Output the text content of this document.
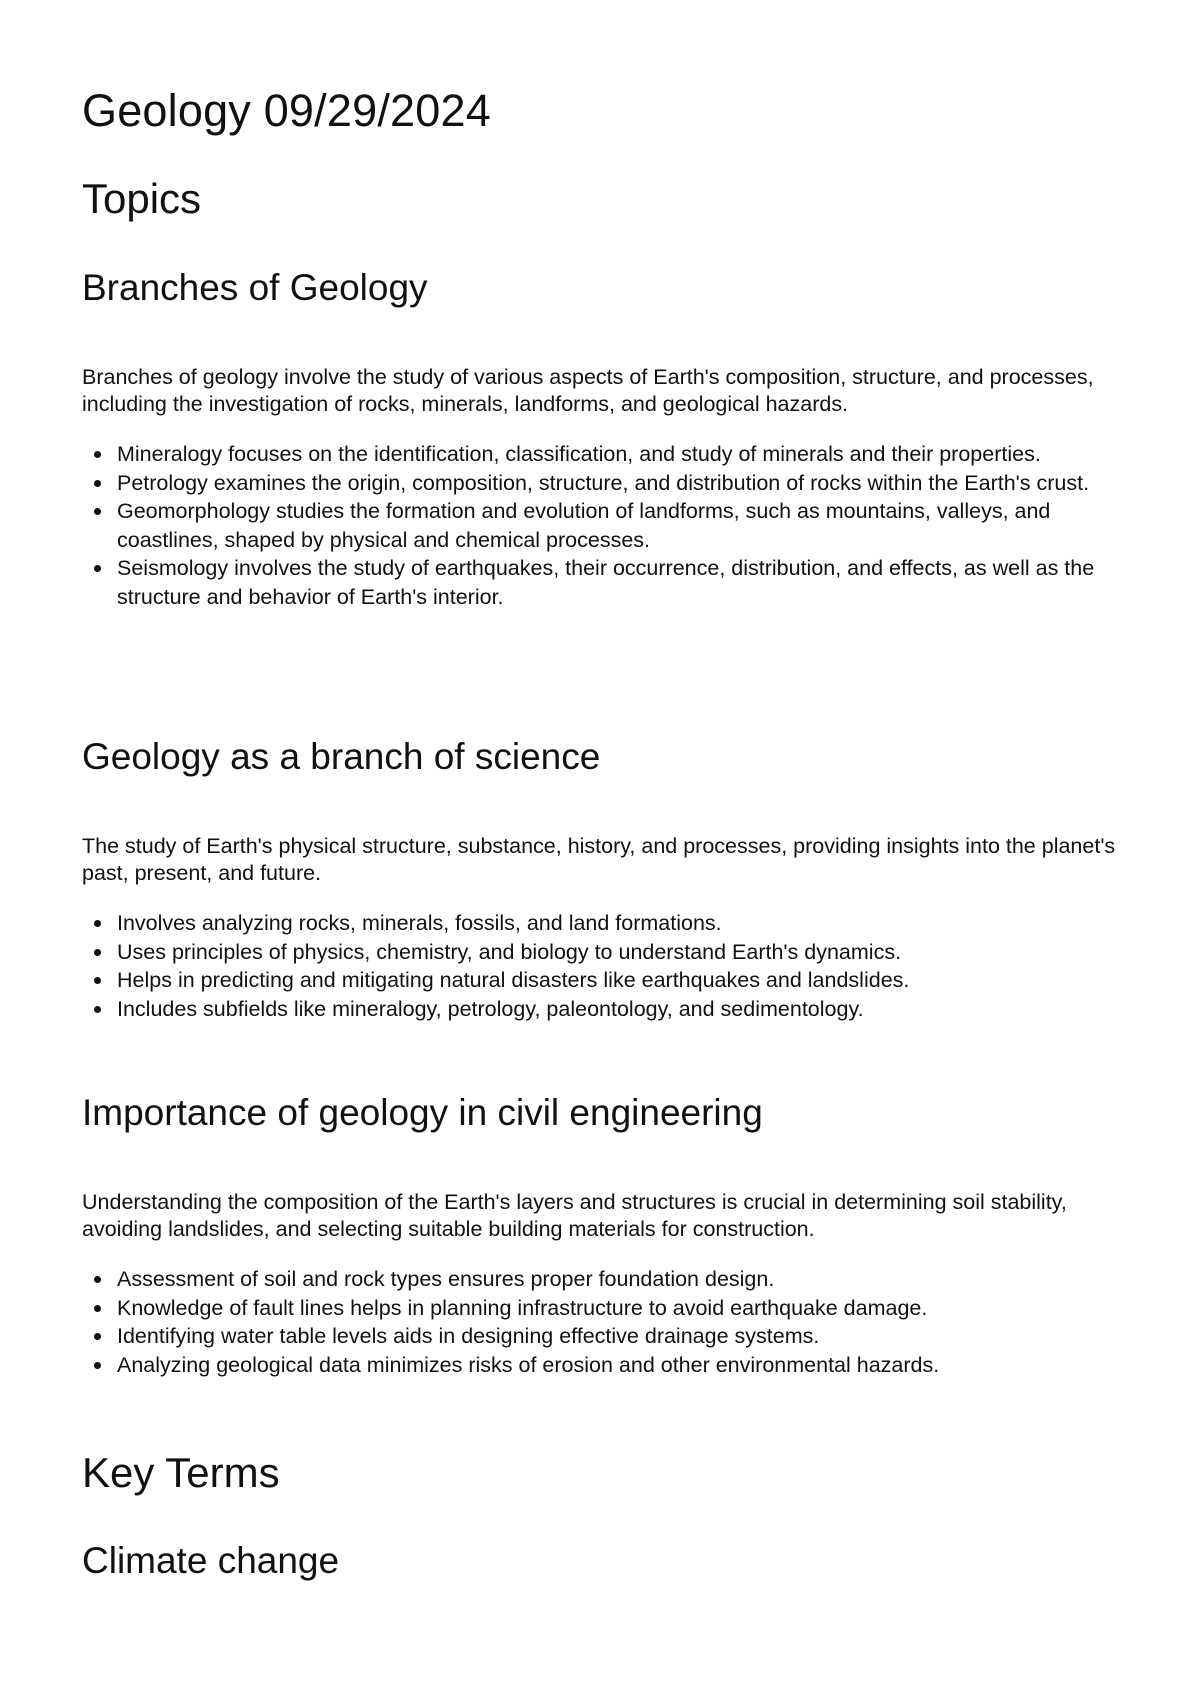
Geology 09/29/2024
Topics
Branches of Geology

Branches of geology involve the study of various aspects of Earth's composition, structure, and processes, including the investigation of rocks, minerals, landforms, and geological hazards.

Mineralogy focuses on the identification, classification, and study of minerals and their properties.
Petrology examines the origin, composition, structure, and distribution of rocks within the Earth's crust.
Geomorphology studies the formation and evolution of landforms, such as mountains, valleys, and coastlines, shaped by physical and chemical processes.
Seismology involves the study of earthquakes, their occurrence, distribution, and effects, as well as the structure and behavior of Earth's interior.
Geology as a branch of science

The study of Earth's physical structure, substance, history, and processes, providing insights into the planet's past, present, and future.

Involves analyzing rocks, minerals, fossils, and land formations.
Uses principles of physics, chemistry, and biology to understand Earth's dynamics.
Helps in predicting and mitigating natural disasters like earthquakes and landslides.
Includes subfields like mineralogy, petrology, paleontology, and sedimentology.
Importance of geology in civil engineering

Understanding the composition of the Earth's layers and structures is crucial in determining soil stability, avoiding landslides, and selecting suitable building materials for construction.

Assessment of soil and rock types ensures proper foundation design.
Knowledge of fault lines helps in planning infrastructure to avoid earthquake damage.
Identifying water table levels aids in designing effective drainage systems.
Analyzing geological data minimizes risks of erosion and other environmental hazards.
Key Terms
Climate change
